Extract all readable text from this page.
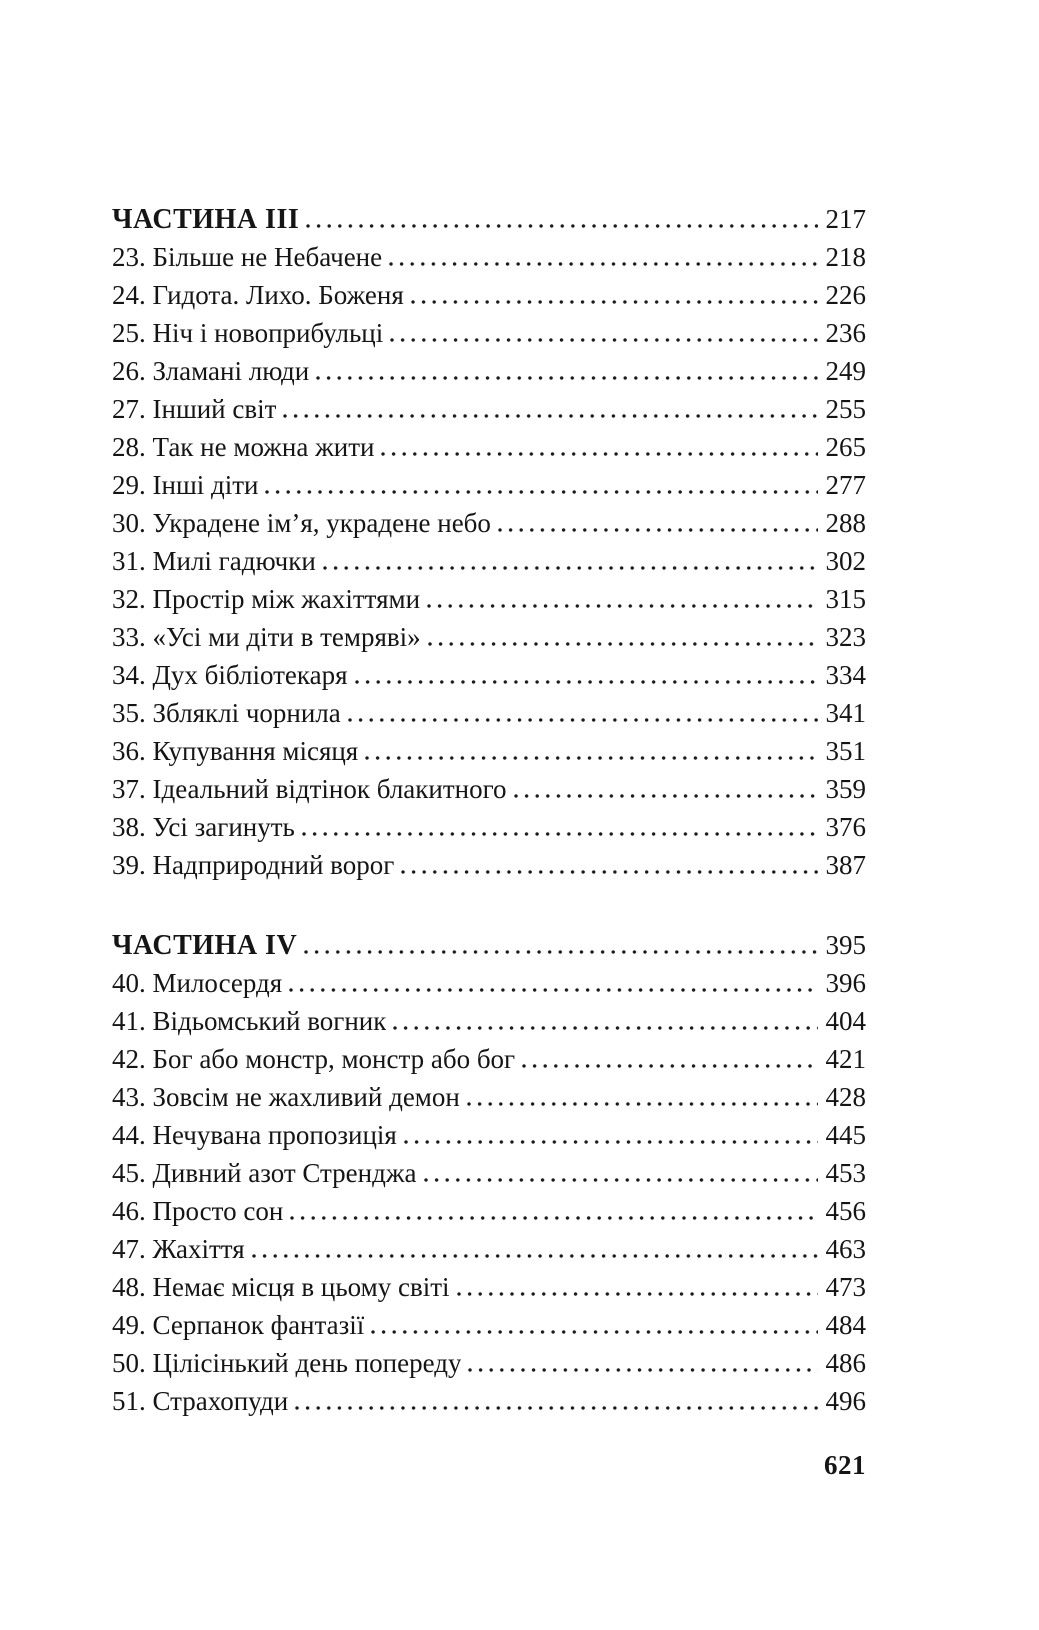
ЧАСТИНА ІІІ	217
23. Більше не Небачене	218
24. Гидота. Лихо. Боженя	226
25. Ніч і новоприбульці	236
26. Зламані люди	249
27. Інший світ	255
28. Так не можна жити	265
29. Інші діти	277
30. Украдене ім’я, украдене небо	288
31. Милі гадючки	302
32. Простір між жахіттями	315
33. «Усі ми діти в темряві»	323
34. Дух бібліотекаря	334
35. Збляклі чорнила	341
36. Купування місяця	351
37. Ідеальний відтінок блакитного	359
38. Усі загинуть	376
39. Надприродний ворог	387
ЧАСТИНА ІV	395
40. Милосердя	396
41. Відьомський вогник	404
42. Бог або монстр, монстр або бог	421
43. Зовсім не жахливий демон	428
44. Нечувана пропозиція	445
45. Дивний азот Стренджа	453
46. Просто сон	456
47. Жахіття	463
48. Немає місця в цьому світі	473
49. Серпанок фантазії	484
50. Цілісінький день попереду	486
51. Страхопуди	496
621
